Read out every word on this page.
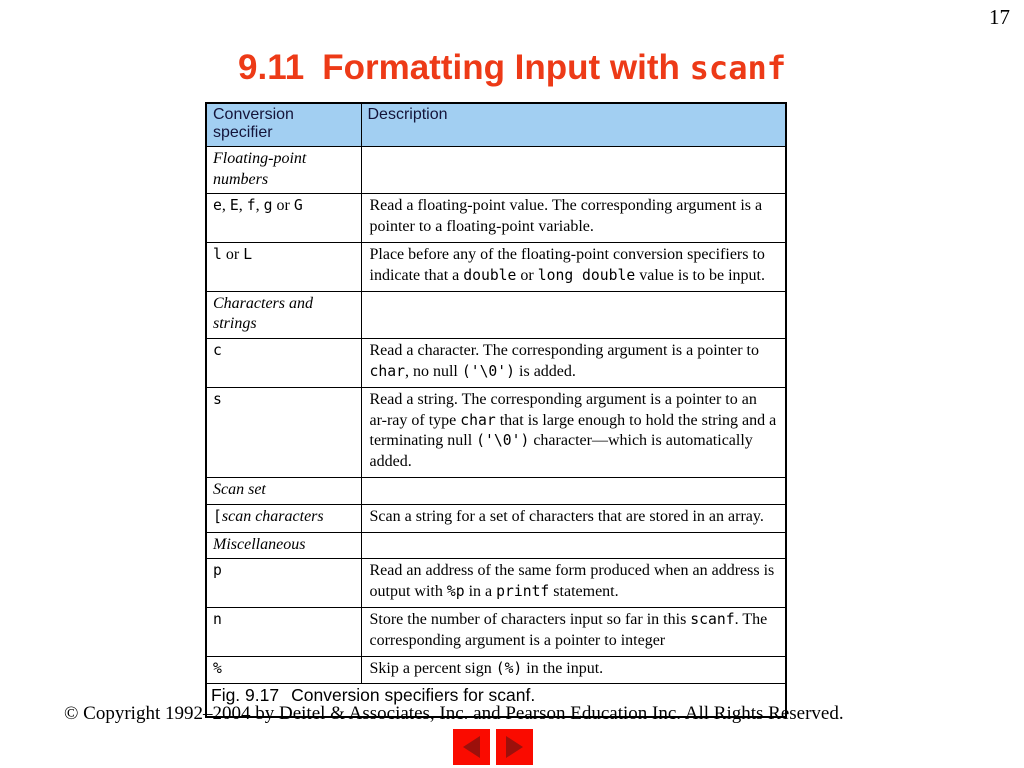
17
9.11 Formatting Input with scanf
Conversion specifier	Description
Floating-point numbers	
e, E, f, g or G	Read a floating-point value. The corresponding argument is a pointer to a floating-point variable.
l or L	Place before any of the floating-point conversion specifiers to indicate that a double or long double value is to be input.
Characters and strings	
c	Read a character. The corresponding argument is a pointer to char, no null ('\0') is added.
s	Read a string. The corresponding argument is a pointer to an ar-ray of type char that is large enough to hold the string and a terminating null ('\0') character—which is automatically added.
Scan set	
[scan characters	Scan a string for a set of characters that are stored in an array.
Miscellaneous	
p	Read an address of the same form produced when an address is output with %p in a printf statement.
n	Store the number of characters input so far in this scanf. The corresponding argument is a pointer to integer
%	Skip a percent sign (%) in the input.
Fig. 9.17 Conversion specifiers for scanf.	
© Copyright 1992–2004 by Deitel & Associates, Inc. and Pearson Education Inc. All Rights Reserved.
